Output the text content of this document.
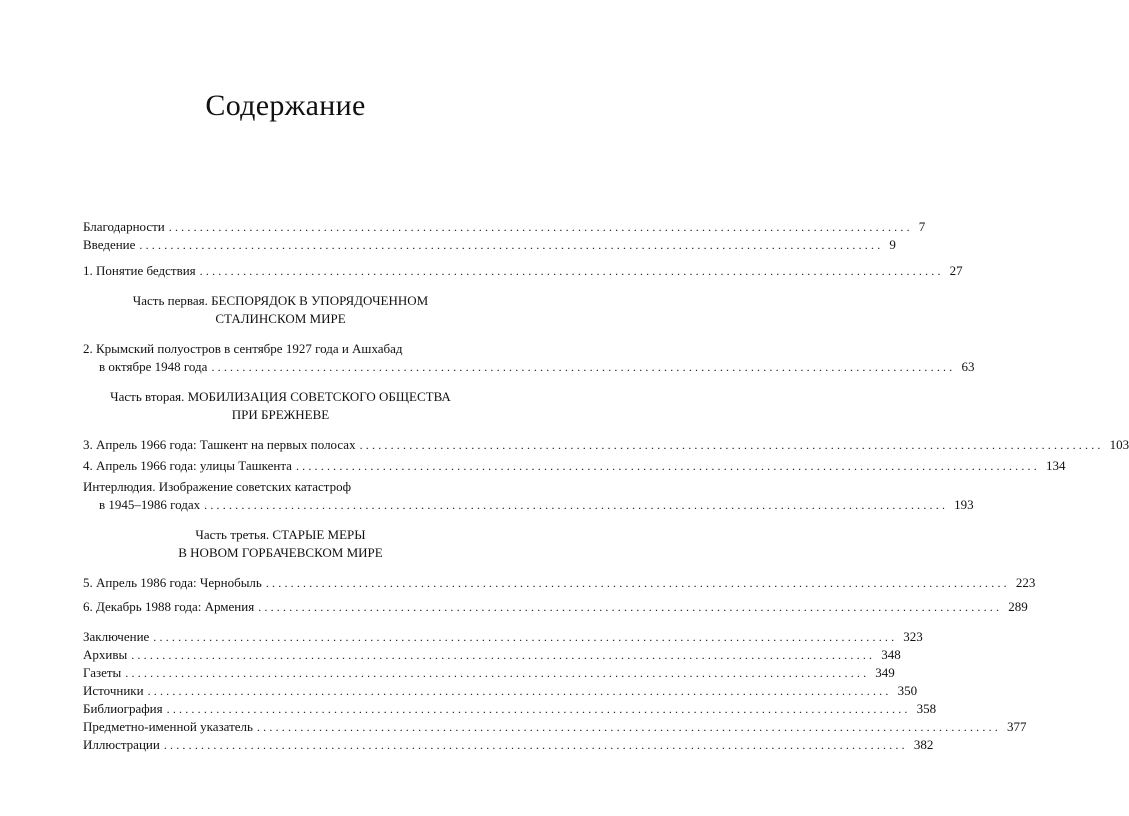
Содержание
Благодарности ........................................................................................................................ 7
Введение ........................................................................................................................ 9
1. Понятие бедствия ........................................................................................................................ 27
Часть первая. БЕСПОРЯДОК В УПОРЯДОЧЕННОМ
СТАЛИНСКОМ МИРЕ
2. Крымский полуостров в сентябре 1927 года и Ашхабад
в октябре 1948 года ........................................................................................................................ 63
Часть вторая. МОБИЛИЗАЦИЯ СОВЕТСКОГО ОБЩЕСТВА
ПРИ БРЕЖНЕВЕ
3. Апрель 1966 года: Ташкент на первых полосах ........................................................................................................................ 103
4. Апрель 1966 года: улицы Ташкента ........................................................................................................................ 134
Интерлюдия. Изображение советских катастроф
в 1945–1986 годах ........................................................................................................................ 193
Часть третья. СТАРЫЕ МЕРЫ
В НОВОМ ГОРБАЧЕВСКОМ МИРЕ
5. Апрель 1986 года: Чернобыль ........................................................................................................................ 223
6. Декабрь 1988 года: Армения ........................................................................................................................ 289
Заключение ........................................................................................................................ 323
Архивы ........................................................................................................................ 348
Газеты ........................................................................................................................ 349
Источники ........................................................................................................................ 350
Библиография ........................................................................................................................ 358
Предметно-именной указатель ........................................................................................................................ 377
Иллюстрации ........................................................................................................................ 382
